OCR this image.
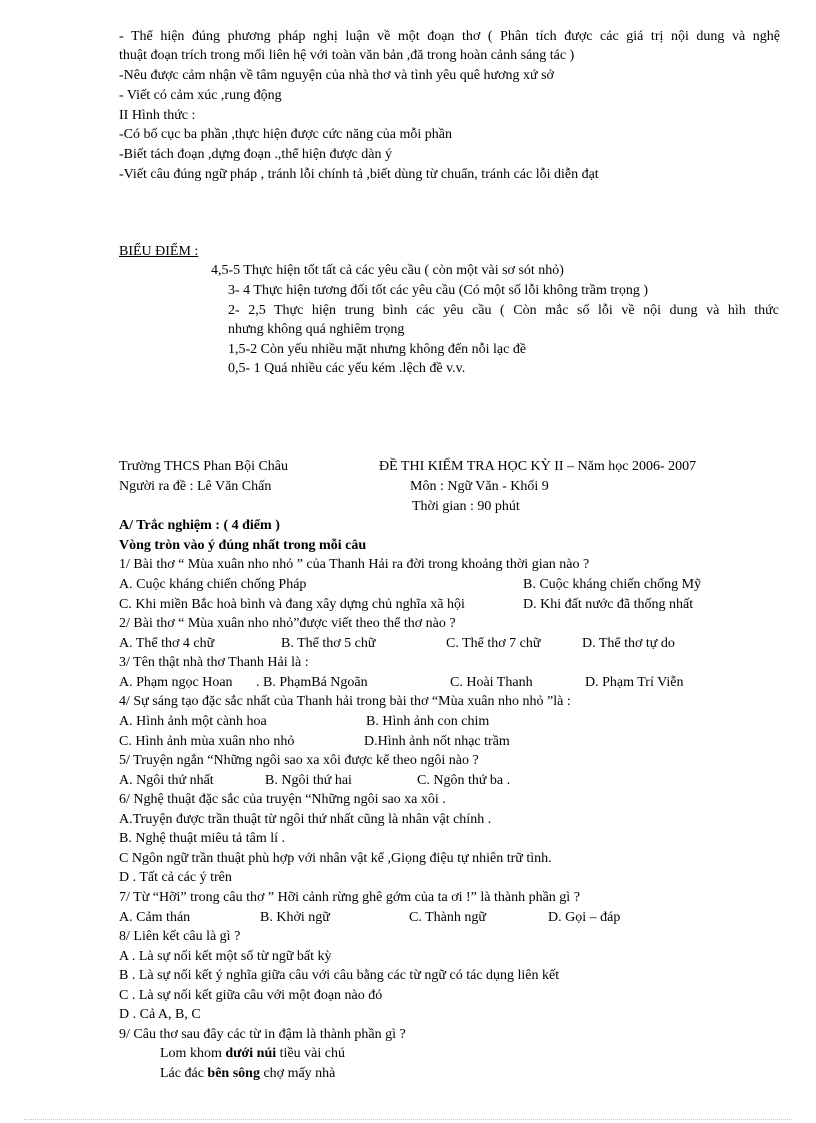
- Thể hiện đúng phương pháp nghị luận về một đoạn thơ ( Phân tích được các giá trị nội dung và nghệ
thuật đoạn trích trong mối liên hệ với toàn văn bản ,đă trong hoàn cảnh sáng tác )
-Nêu được cảm nhận về tâm nguyện của nhà thơ và tình yêu quê hương xứ sở
- Viết có cảm xúc ,rung động
II Hình thức :
-Có bố cục ba phần ,thực hiện được cức năng của mỗi phần
-Biết tách đoạn ,dựng đoạn .,thể hiện được dàn ý
-Viết câu đúng ngữ pháp , tránh lỗi chính tả ,biết dùng từ chuẩn, tránh các lỗi diễn đạt
BIỂU ĐIỂM :
4,5-5 Thực hiện tốt tất cả các yêu cầu ( còn một vài sơ sót nhỏ)
3- 4 Thực hiện tương đối tốt các yêu cầu (Có một số lỗi không trầm trọng )
2- 2,5 Thực hiện trung bình các yêu cầu ( Còn mắc số lỗi về nội dung và hìh thức
nhưng không quá nghiêm trọng
1,5-2 Còn yếu nhiều mặt nhưng không đến nỗi lạc đề
0,5- 1 Quá nhiều các yếu kém .lệch đề v.v.
Trường THCS Phan Bội Châu	ĐỀ THI KIỂM TRA HỌC KỲ II – Năm học 2006- 2007
Người ra đề : Lê Văn Chấn	Môn : Ngữ Văn - Khối 9
Thời gian : 90 phút
A/ Trắc nghiệm : ( 4 điểm )
Vòng tròn vào ý đúng nhất trong mỗi câu
1/ Bài thơ “ Mùa xuân nho nhỏ ” của Thanh Hải ra đời trong khoảng thời gian nào ?
A. Cuộc kháng chiến chống Pháp	B. Cuộc kháng chiến chống Mỹ
C. Khi miền Bắc hoà bình và đang xây dựng chủ nghĩa xã hội	D. Khi đất nước đã thống nhất
2/ Bài thơ “ Mùa xuân nho nhỏ”được viết theo thể thơ nào ?
A. Thể thơ 4 chữ	B. Thể thơ 5 chữ	C. Thể thơ 7 chữ	D. Thể thơ tự do
3/ Tên thật nhà thơ Thanh Hải là :
A. Phạm ngọc Hoan . B. PhạmBá Ngoãn	C. Hoài Thanh	D. Phạm Trí Viễn
4/ Sự sáng tạo đặc sắc nhất của Thanh hải trong bài thơ “Mùa xuân nho nhỏ ”là :
A. Hình ảnh một cành hoa	B. Hình ảnh con chim
C. Hình ảnh mùa xuân nho nhỏ	D.Hình ảnh nốt nhạc trầm
5/ Truyện ngắn “Những ngôi sao xa xôi được kể theo ngôi nào ?
A. Ngôi thứ nhất	B. Ngôi thứ hai	C. Ngôn thứ ba .
6/ Nghệ thuật đặc sắc của truyện “Những ngôi sao xa xôi .
A.Truyện được trần thuật từ ngôi thứ nhất cũng là nhân vật chính .
B. Nghệ thuật miêu tả tâm lí .
C Ngôn ngữ trần thuật phù hợp với nhân vật kể ,Giọng điệu tự nhiên trữ tình.
D . Tất cả các ý trên
7/ Từ “Hỡi” trong câu thơ ” Hỡi cảnh rừng ghê gớm của ta ơi !” là thành phần gì ?
A. Cảm thán	B. Khởi ngữ	C. Thành ngữ	D. Gọi – đáp
8/ Liên kết câu là gì ?
A . Là sự nối kết một số từ ngữ bất kỳ
B . Là sự nối kết ý nghĩa giữa câu với câu bằng các từ ngữ có tác dụng liên kết
C . Là sự nối kết giữa câu với một đoạn nào đó
D . Cả A, B, C
9/ Câu thơ sau đây các từ in đậm là thành phần gì ?
Lom khom dưới núi tiều vài chú
Lác đác bên sông chợ mấy nhà
